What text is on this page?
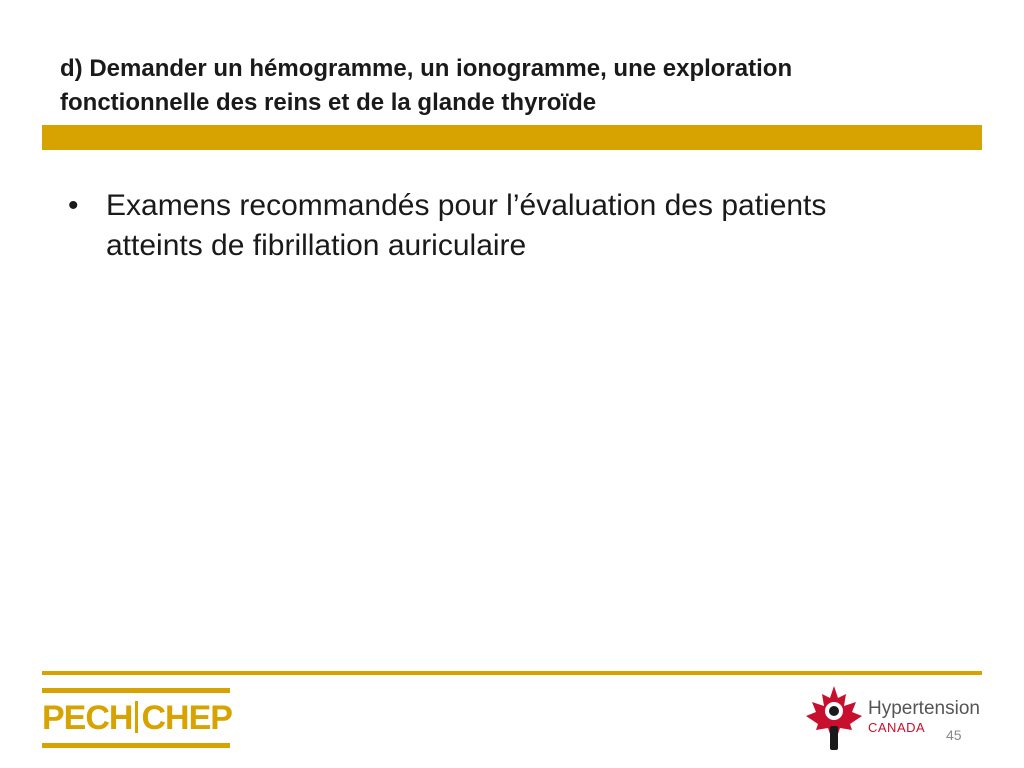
d) Demander un hémogramme, un ionogramme, une exploration
fonctionnelle des reins et de la glande thyroïde
• Examens recommandés pour l’évaluation des patients atteints de fibrillation auriculaire
PECH CHEP	Hypertension
CANADA 45
